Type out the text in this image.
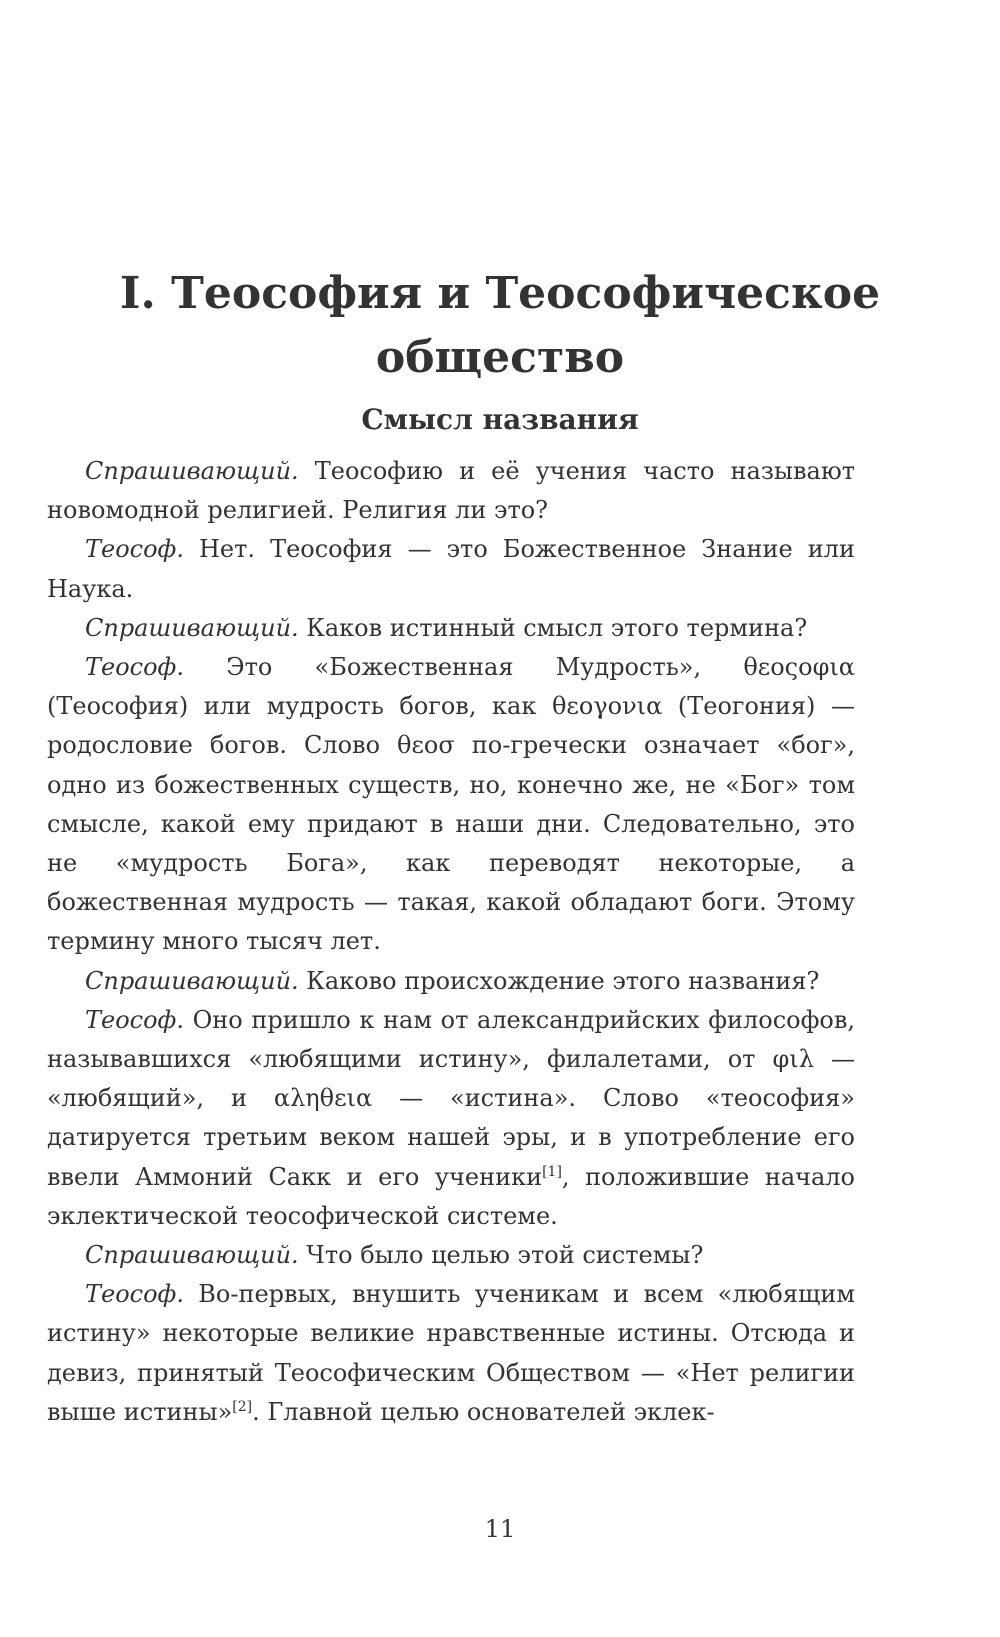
I. Теософия и Теософическое общество
Смысл названия

Спрашивающий. Теософию и её учения часто называют новомодной религией. Религия ли это?

Теософ. Нет. Теософия — это Божественное Знание или Наука.

Спрашивающий. Каков истинный смысл этого термина?

Теософ. Это «Божественная Мудрость», θεοςοφια (Теософия) или мудрость богов, как θεογονια (Теогония) — родословие богов. Слово θεοσ по-гречески означает «бог», одно из божественных существ, но, конечно же, не «Бог» том смысле, какой ему придают в наши дни. Следовательно, это не «мудрость Бога», как переводят некоторые, а божественная мудрость — такая, какой обладают боги. Этому термину много тысяч лет.

Спрашивающий. Каково происхождение этого названия?

Теософ. Оно пришло к нам от александрийских философов, называвшихся «любящими истину», филалетами, от φιλ — «любящий», и αληθεια — «истина». Слово «теософия» датируется третьим веком нашей эры, и в употребление его ввели Аммоний Сакк и его ученики[1], положившие начало эклектической теософической системе.

Спрашивающий. Что было целью этой системы?

Теософ. Во-первых, внушить ученикам и всем «любящим истину» некоторые великие нравственные истины. Отсюда и девиз, принятый Теософическим Обществом — «Нет религии выше истины»[2]. Главной целью основателей эклек-

11
